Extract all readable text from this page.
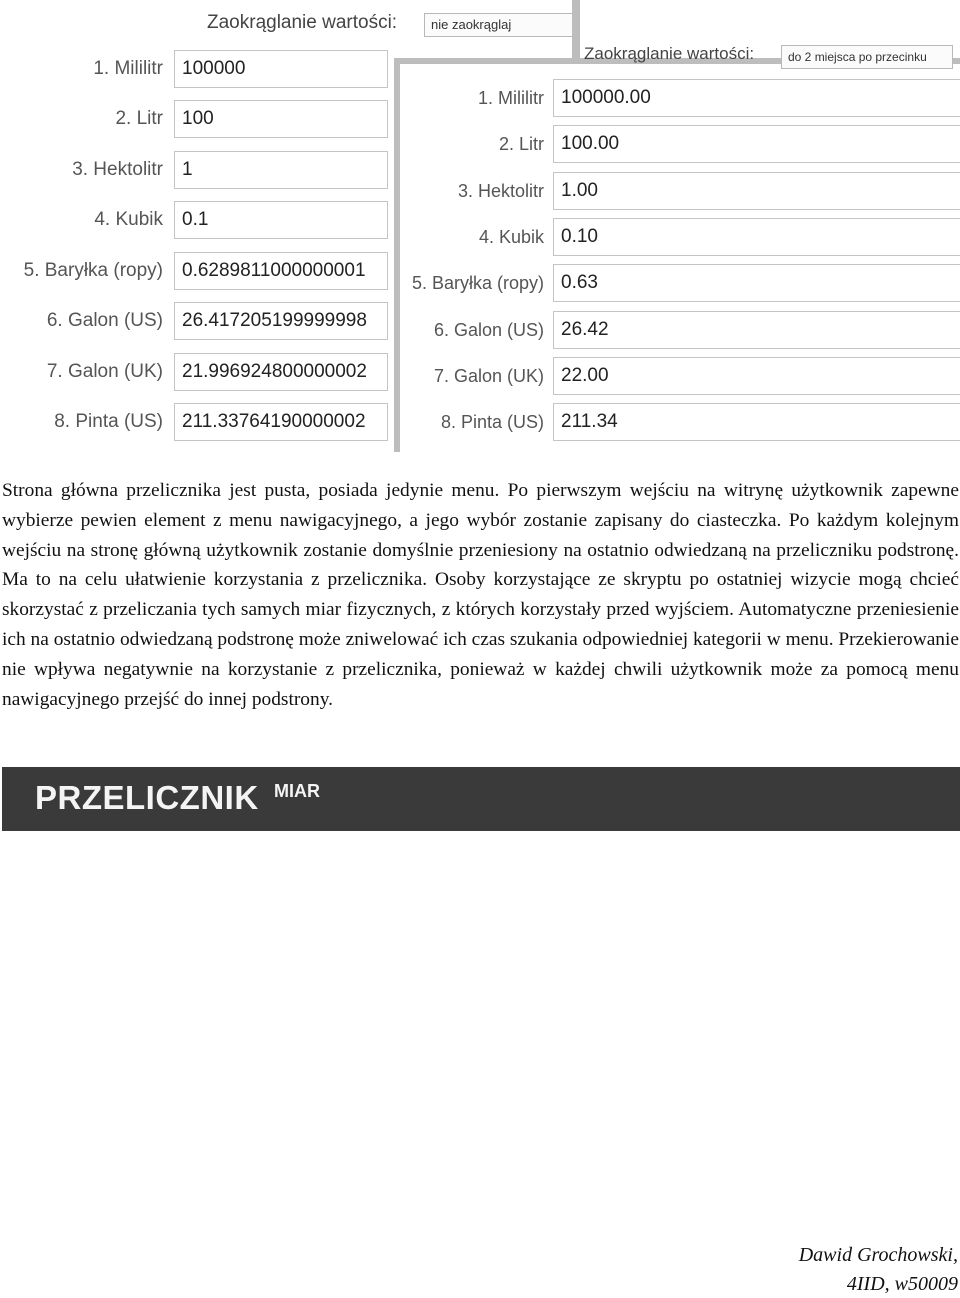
Zaokrąglanie wartości:	nie zaokrąglaj
1. Mililitr	100000
2. Litr	100
3. Hektolitr	1
4. Kubik	0.1
5. Baryłka (ropy)	0.6289811000000001
6. Galon (US)	26.417205199999998
7. Galon (UK)	21.996924800000002
8. Pinta (US)	211.33764190000002
Zaokrąglanie wartości:	do 2 miejsca po przecinku
1. Mililitr 100000.00
2. Litr 100.00
3. Hektolitr 1.00
4. Kubik 0.10
5. Baryłka (ropy) 0.63
6. Galon (US) 26.42
7. Galon (UK) 22.00
8. Pinta (US) 211.34

Strona główna przelicznika jest pusta, posiada jedynie menu. Po pierwszym wejściu na witrynę użytkownik zapewne wybierze pewien element z menu nawigacyjnego, a jego wybór zostanie zapisany do ciasteczka. Po każdym kolejnym wejściu na stronę główną użytkownik zostanie domyślnie przeniesiony na ostatnio odwiedzaną na przeliczniku podstronę. Ma to na celu ułatwienie korzystania z przelicznika. Osoby korzystające ze skryptu po ostatniej wizycie mogą chcieć skorzystać z przeliczania tych samych miar fizycznych, z których korzystały przed wyjściem. Automatyczne przeniesienie ich na ostatnio odwiedzaną podstronę może zniwelować ich czas szukania odpowiedniej kategorii w menu. Przekierowanie nie wpływa negatywnie na korzystanie z przelicznika, ponieważ w każdej chwili użytkownik może za pomocą menu nawigacyjnego przejść do innej podstrony.

PRZELICZNIK MIAR
Dawid Grochowski,
4IID, w50009
